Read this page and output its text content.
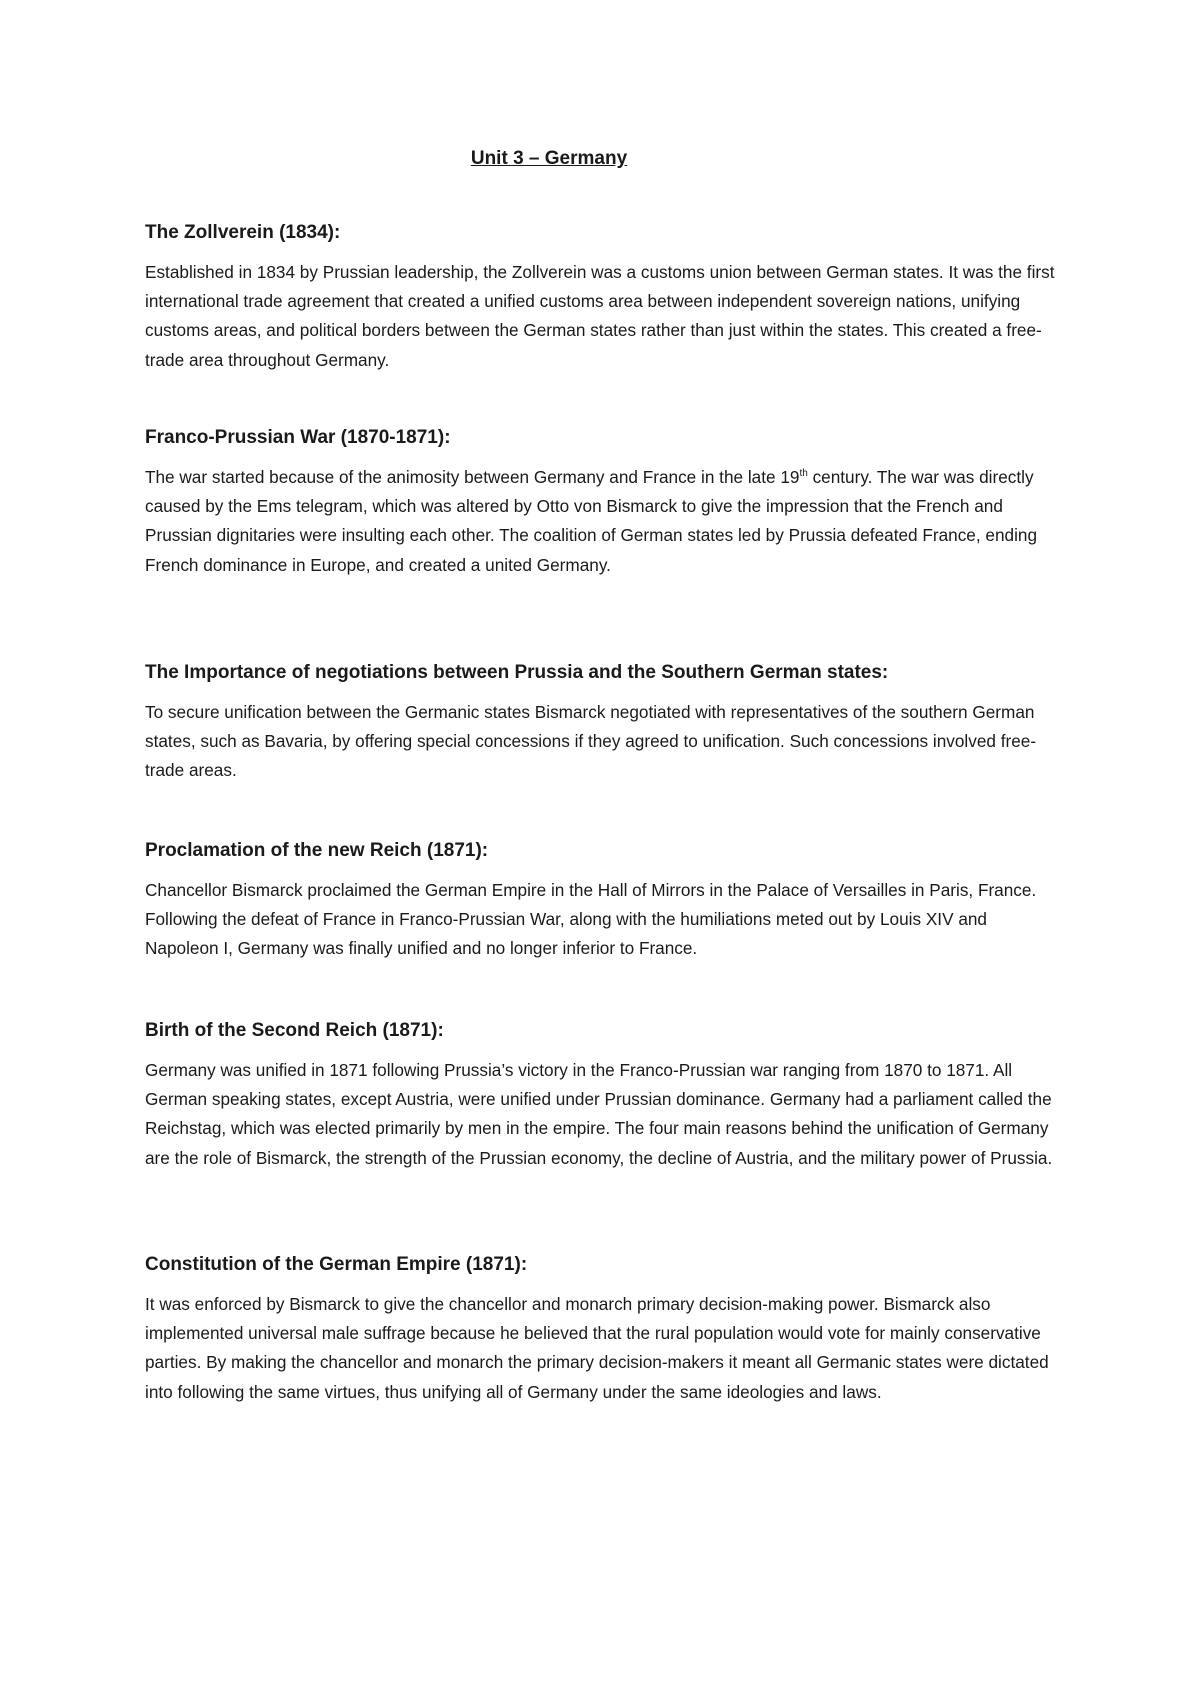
Unit 3 – Germany
The Zollverein (1834):

Established in 1834 by Prussian leadership, the Zollverein was a customs union between German states. It was the first international trade agreement that created a unified customs area between independent sovereign nations, unifying customs areas, and political borders between the German states rather than just within the states. This created a free-trade area throughout Germany.

Franco-Prussian War (1870-1871):

The war started because of the animosity between Germany and France in the late 19th century. The war was directly caused by the Ems telegram, which was altered by Otto von Bismarck to give the impression that the French and Prussian dignitaries were insulting each other. The coalition of German states led by Prussia defeated France, ending French dominance in Europe, and created a united Germany.

The Importance of negotiations between Prussia and the Southern German states:

To secure unification between the Germanic states Bismarck negotiated with representatives of the southern German states, such as Bavaria, by offering special concessions if they agreed to unification. Such concessions involved free-trade areas.

Proclamation of the new Reich (1871):

Chancellor Bismarck proclaimed the German Empire in the Hall of Mirrors in the Palace of Versailles in Paris, France. Following the defeat of France in Franco-Prussian War, along with the humiliations meted out by Louis XIV and Napoleon I, Germany was finally unified and no longer inferior to France.

Birth of the Second Reich (1871):

Germany was unified in 1871 following Prussia’s victory in the Franco-Prussian war ranging from 1870 to 1871. All German speaking states, except Austria, were unified under Prussian dominance. Germany had a parliament called the Reichstag, which was elected primarily by men in the empire. The four main reasons behind the unification of Germany are the role of Bismarck, the strength of the Prussian economy, the decline of Austria, and the military power of Prussia.

Constitution of the German Empire (1871):

It was enforced by Bismarck to give the chancellor and monarch primary decision-making power. Bismarck also implemented universal male suffrage because he believed that the rural population would vote for mainly conservative parties. By making the chancellor and monarch the primary decision-makers it meant all Germanic states were dictated into following the same virtues, thus unifying all of Germany under the same ideologies and laws.
